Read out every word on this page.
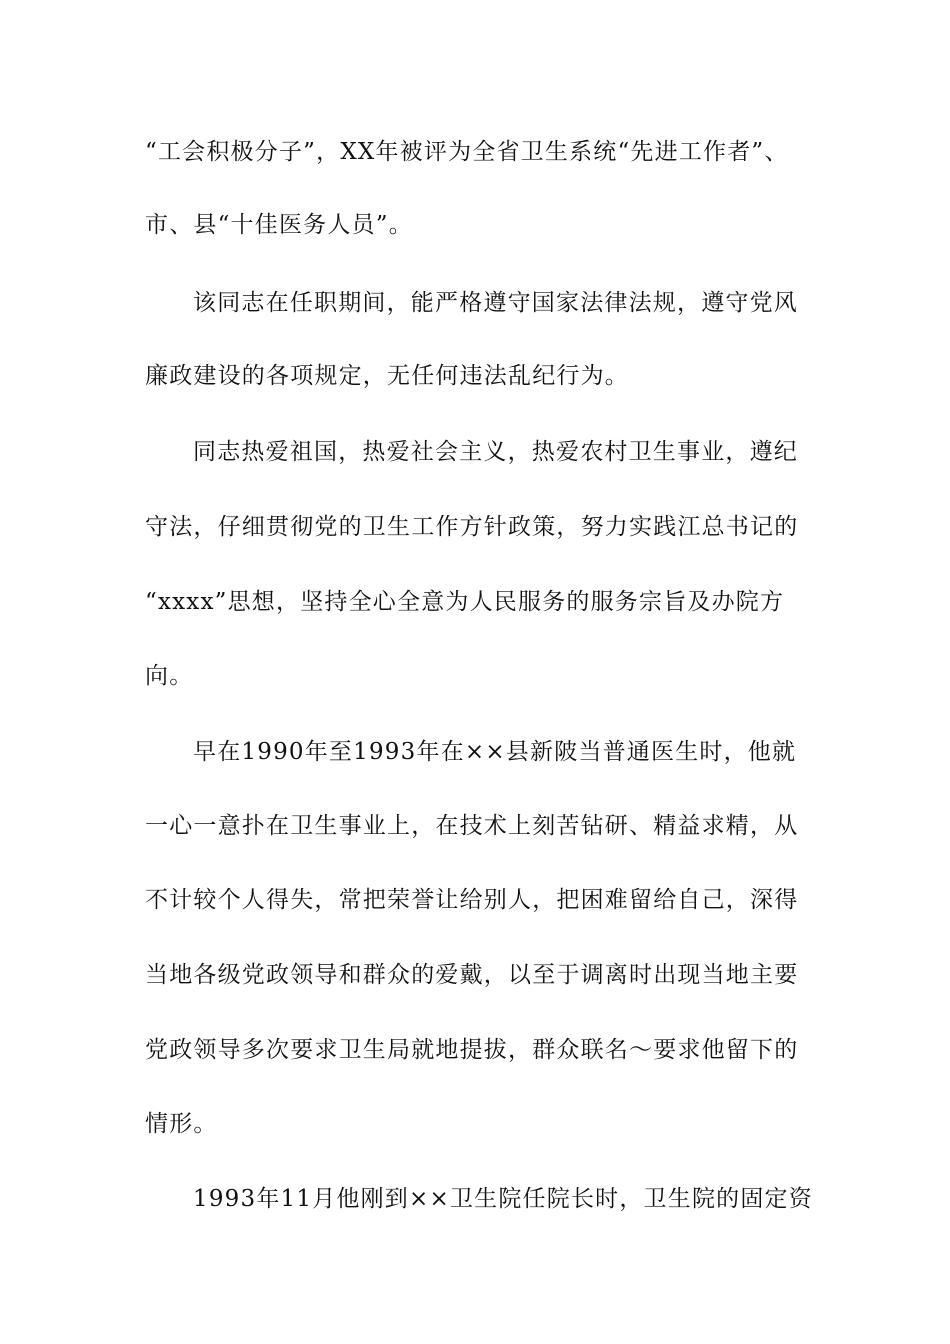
“工会积极分子”，XX年被评为全省卫生系统“先进工作者”、
市、县“十佳医务人员”。
该同志在任职期间，能严格遵守国家法律法规，遵守党风
廉政建设的各项规定，无任何违法乱纪行为。
同志热爱祖国，热爱社会主义，热爱农村卫生事业，遵纪
守法，仔细贯彻党的卫生工作方针政策，努力实践江总书记的
“xxxx”思想，坚持全心全意为人民服务的服务宗旨及办院方
向。
早在1990年至1993年在××县新陂当普通医生时，他就
一心一意扑在卫生事业上，在技术上刻苦钻研、精益求精，从
不计较个人得失，常把荣誉让给别人，把困难留给自己，深得
当地各级党政领导和群众的爱戴，以至于调离时出现当地主要
党政领导多次要求卫生局就地提拔，群众联名～要求他留下的
情形。
1993年11月他刚到××卫生院任院长时，卫生院的固定资
